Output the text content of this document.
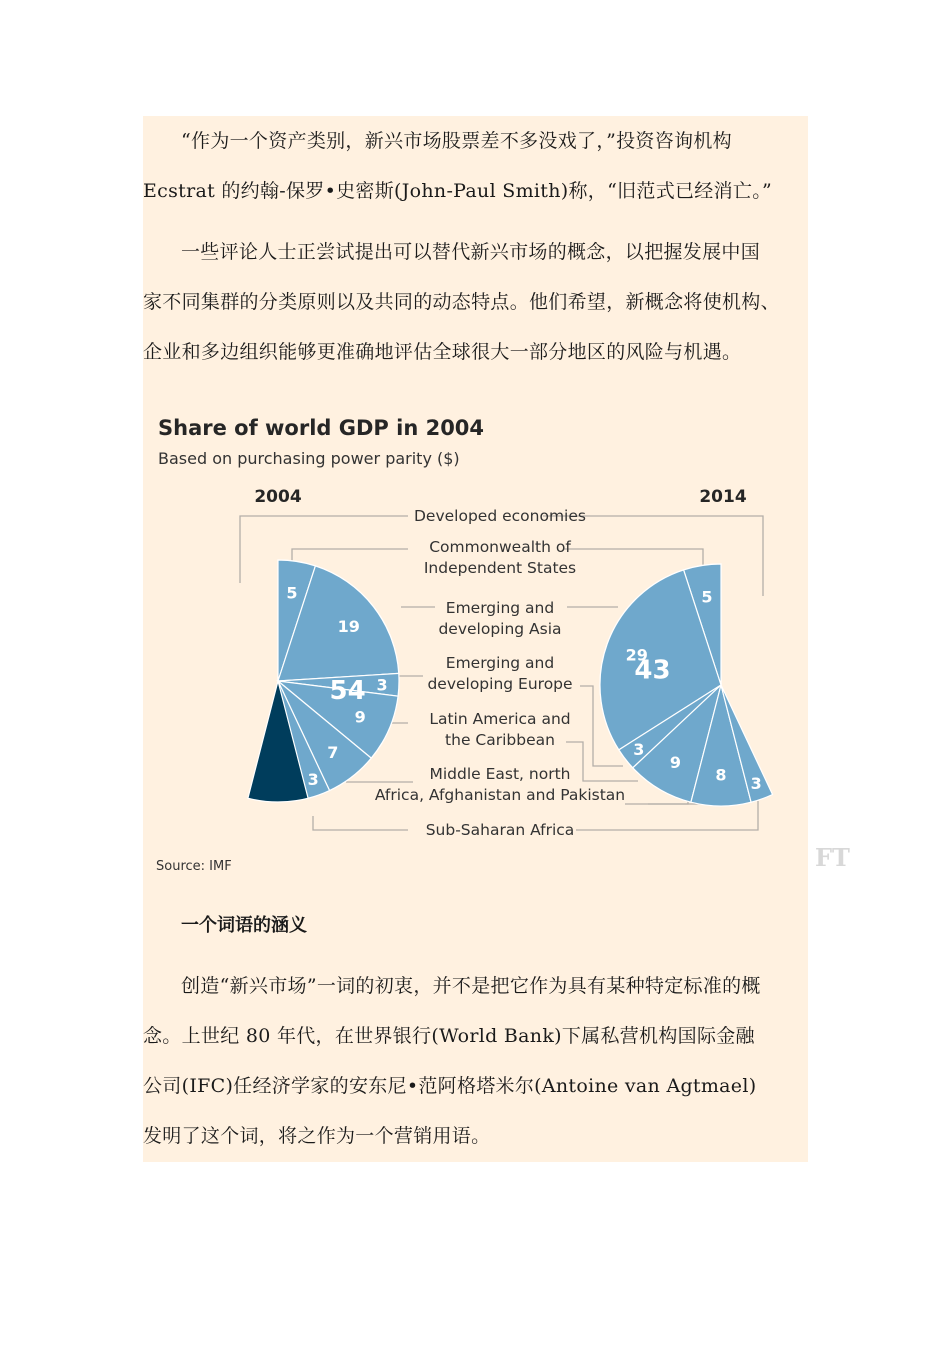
“作为一个资产类别，新兴市场股票差不多没戏了，”投资咨询机构
Ecstrat 的约翰-保罗•史密斯(John-Paul Smith)称，“旧范式已经消亡。”

一些评论人士正尝试提出可以替代新兴市场的概念，以把握发展中国
家不同集群的分类原则以及共同的动态特点。他们希望，新概念将使机构、
企业和多边组织能够更准确地评估全球很大一部分地区的风险与机遇。

Share of world GDP in 2004
Based on purchasing power parity ($)
54
5
19
3
9
7
3
43
5
29
3
9
8 3
Developed economies
Commonwealth of
Independent States
Emerging and
developing Asia
Emerging and
developing Europe
Latin America and
the Caribbean
Middle East, north
Africa, Afghanistan and Pakistan
Sub-Saharan Africa
2004	2014
Source: IMF
一个词语的涵义

创造“新兴市场”一词的初衷，并不是把它作为具有某种特定标准的概
念。上世纪 80 年代，在世界银行(World Bank)下属私营机构国际金融
公司(IFC)任经济学家的安东尼•范阿格塔米尔(Antoine van Agtmael)
发明了这个词，将之作为一个营销用语。

FT
